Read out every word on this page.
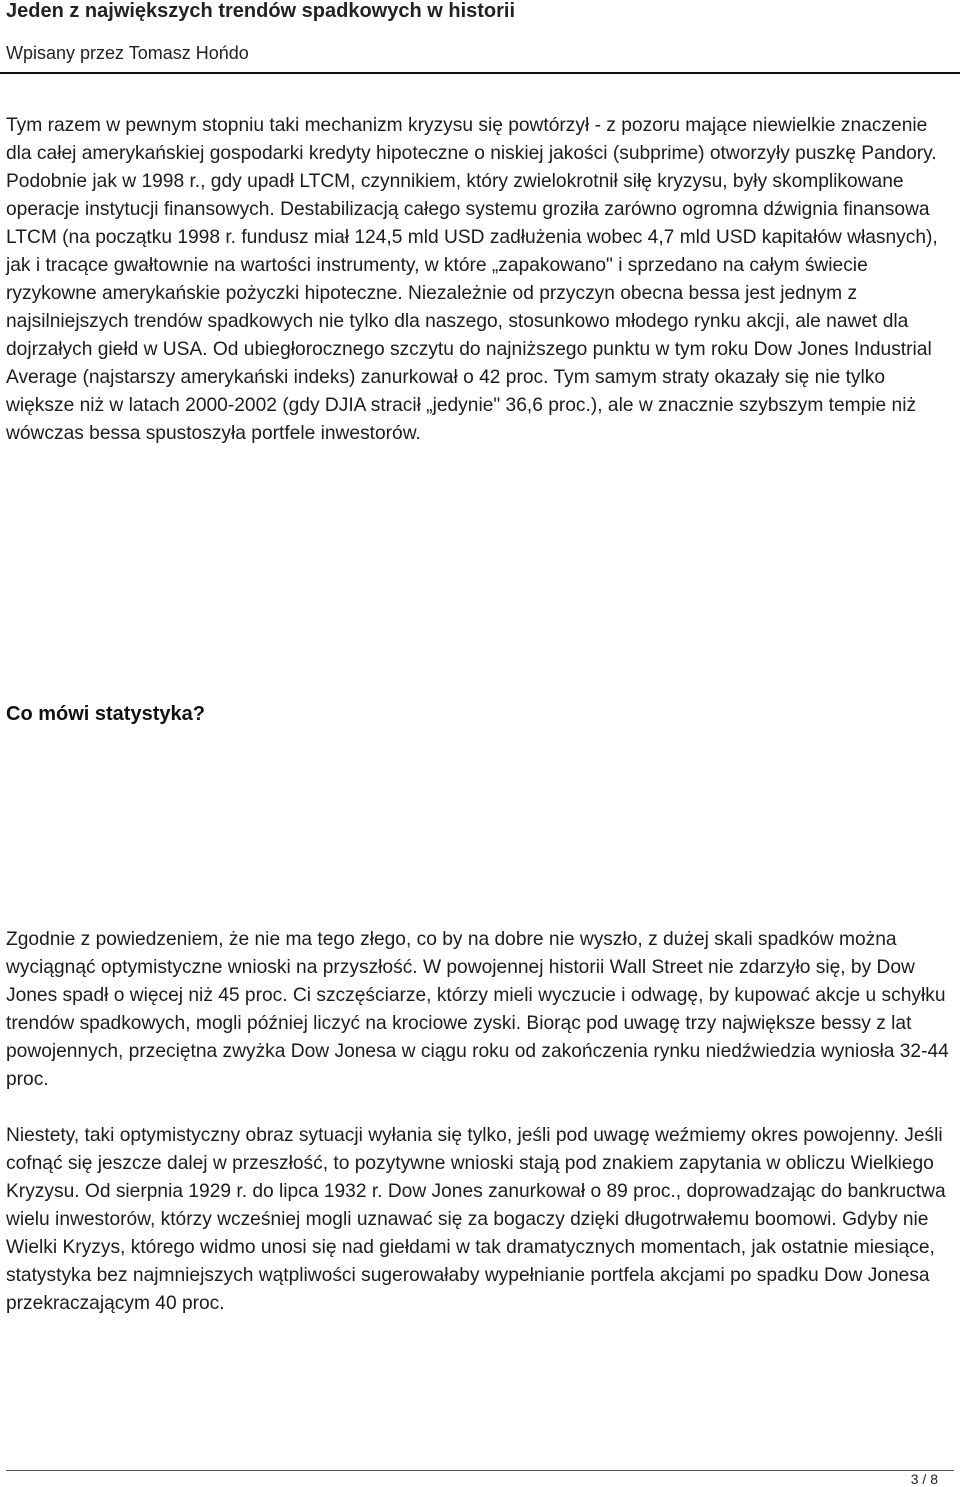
Jeden z największych trendów spadkowych w historii
Wpisany przez Tomasz Hońdo

Tym razem w pewnym stopniu taki mechanizm kryzysu się powtórzył - z pozoru mające niewielkie znaczenie dla całej amerykańskiej gospodarki kredyty hipoteczne o niskiej jakości (subprime) otworzyły puszkę Pandory. Podobnie jak w 1998 r., gdy upadł LTCM, czynnikiem, który zwielokrotnił siłę kryzysu, były skomplikowane operacje instytucji finansowych. Destabilizacją całego systemu groziła zarówno ogromna dźwignia finansowa LTCM (na początku 1998 r. fundusz miał 124,5 mld USD zadłużenia wobec 4,7 mld USD kapitałów własnych), jak i tracące gwałtownie na wartości instrumenty, w które „zapakowano" i sprzedano na całym świecie ryzykowne amerykańskie pożyczki hipoteczne. Niezależnie od przyczyn obecna bessa jest jednym z najsilniejszych trendów spadkowych nie tylko dla naszego, stosunkowo młodego rynku akcji, ale nawet dla dojrzałych giełd w USA. Od ubiegłorocznego szczytu do najniższego punktu w tym roku Dow Jones Industrial Average (najstarszy amerykański indeks) zanurkował o 42 proc. Tym samym straty okazały się nie tylko większe niż w latach 2000-2002 (gdy DJIA stracił „jedynie" 36,6 proc.), ale w znacznie szybszym tempie niż wówczas bessa spustoszyła portfele inwestorów.

Co mówi statystyka?

Zgodnie z powiedzeniem, że nie ma tego złego, co by na dobre nie wyszło, z dużej skali spadków można wyciągnąć optymistyczne wnioski na przyszłość. W powojennej historii Wall Street nie zdarzyło się, by Dow Jones spadł o więcej niż 45 proc. Ci szczęściarze, którzy mieli wyczucie i odwagę, by kupować akcje u schyłku trendów spadkowych, mogli później liczyć na krociowe zyski. Biorąc pod uwagę trzy największe bessy z lat powojennych, przeciętna zwyżka Dow Jonesa w ciągu roku od zakończenia rynku niedźwiedzia wyniosła 32-44 proc.

Niestety, taki optymistyczny obraz sytuacji wyłania się tylko, jeśli pod uwagę weźmiemy okres powojenny. Jeśli cofnąć się jeszcze dalej w przeszłość, to pozytywne wnioski stają pod znakiem zapytania w obliczu Wielkiego Kryzysu. Od sierpnia 1929 r. do lipca 1932 r. Dow Jones zanurkował o 89 proc., doprowadzając do bankructwa wielu inwestorów, którzy wcześniej mogli uznawać się za bogaczy dzięki długotrwałemu boomowi. Gdyby nie Wielki Kryzys, którego widmo unosi się nad giełdami w tak dramatycznych momentach, jak ostatnie miesiące, statystyka bez najmniejszych wątpliwości sugerowałaby wypełnianie portfela akcjami po spadku Dow Jonesa przekraczającym 40 proc.

3 / 8
